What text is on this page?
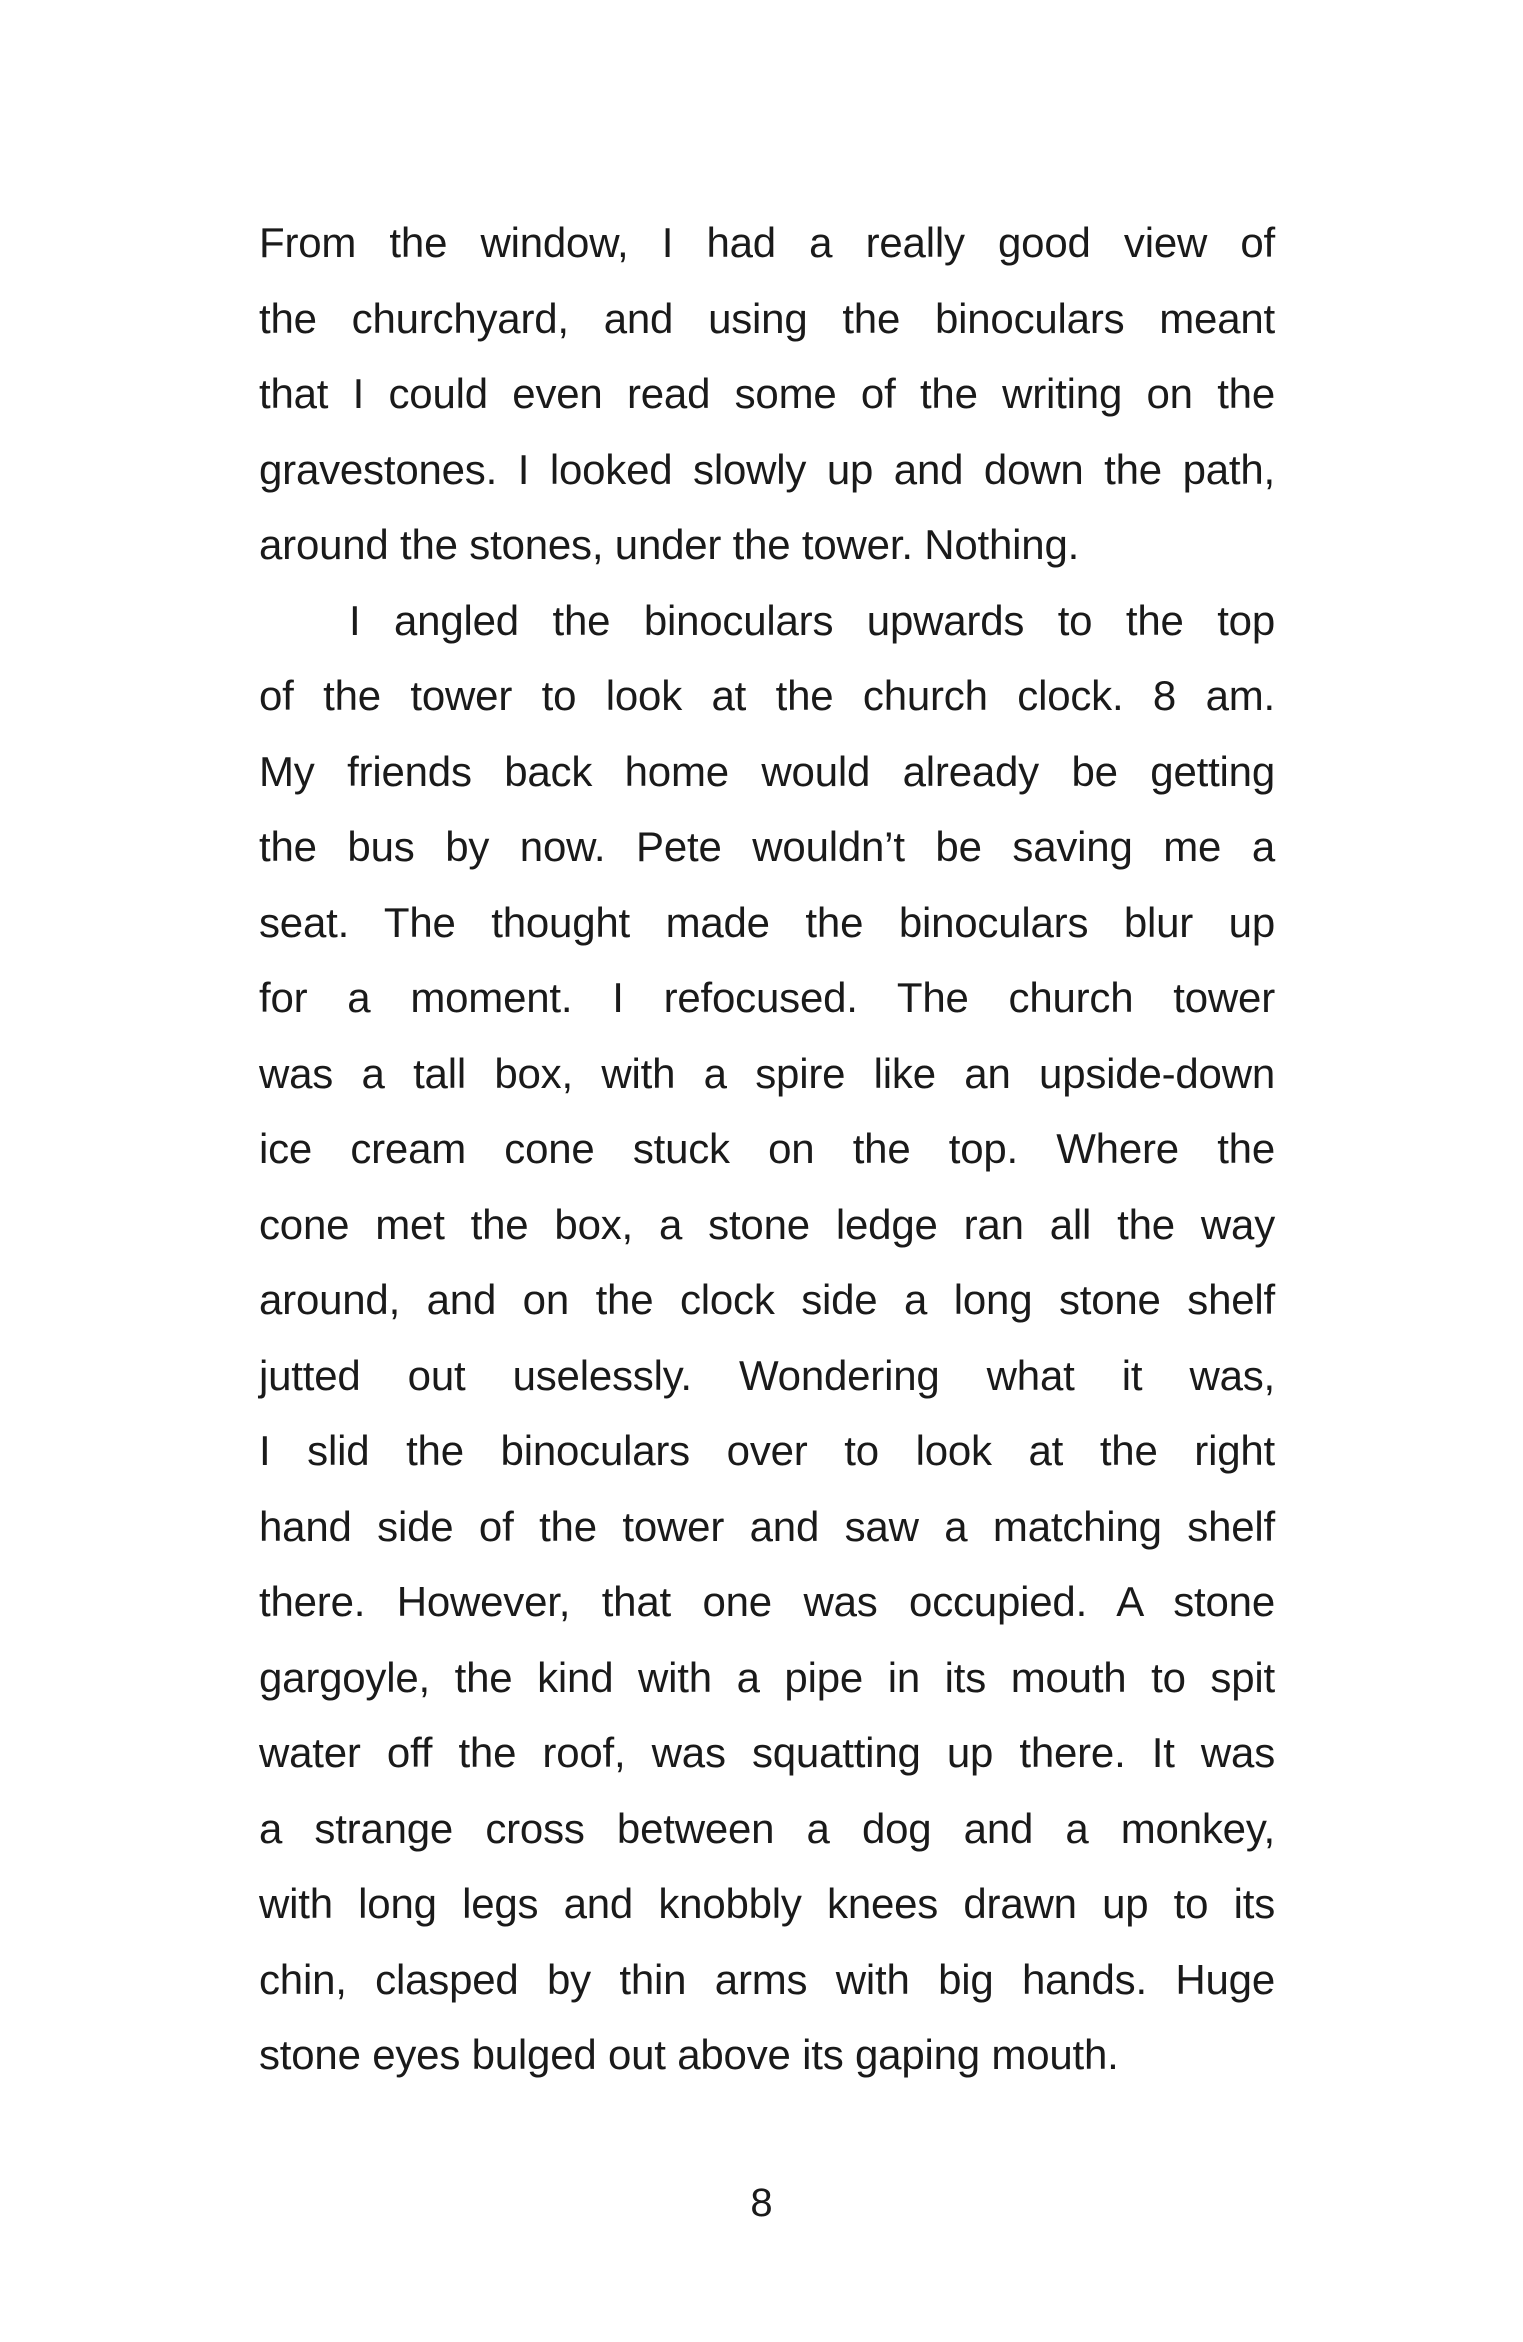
From the window, I had a really good view of
the churchyard, and using the binoculars meant
that I could even read some of the writing on the
gravestones. I looked slowly up and down the path,
around the stones, under the tower. Nothing.
I angled the binoculars upwards to the top
of the tower to look at the church clock. 8 am.
My friends back home would already be getting
the bus by now. Pete wouldn’t be saving me a
seat. The thought made the binoculars blur up
for a moment. I refocused. The church tower
was a tall box, with a spire like an upside-down
ice cream cone stuck on the top. Where the
cone met the box, a stone ledge ran all the way
around, and on the clock side a long stone shelf
jutted out uselessly. Wondering what it was,
I slid the binoculars over to look at the right
hand side of the tower and saw a matching shelf
there. However, that one was occupied. A stone
gargoyle, the kind with a pipe in its mouth to spit
water off the roof, was squatting up there. It was
a strange cross between a dog and a monkey,
with long legs and knobbly knees drawn up to its
chin, clasped by thin arms with big hands. Huge
stone eyes bulged out above its gaping mouth.
8
